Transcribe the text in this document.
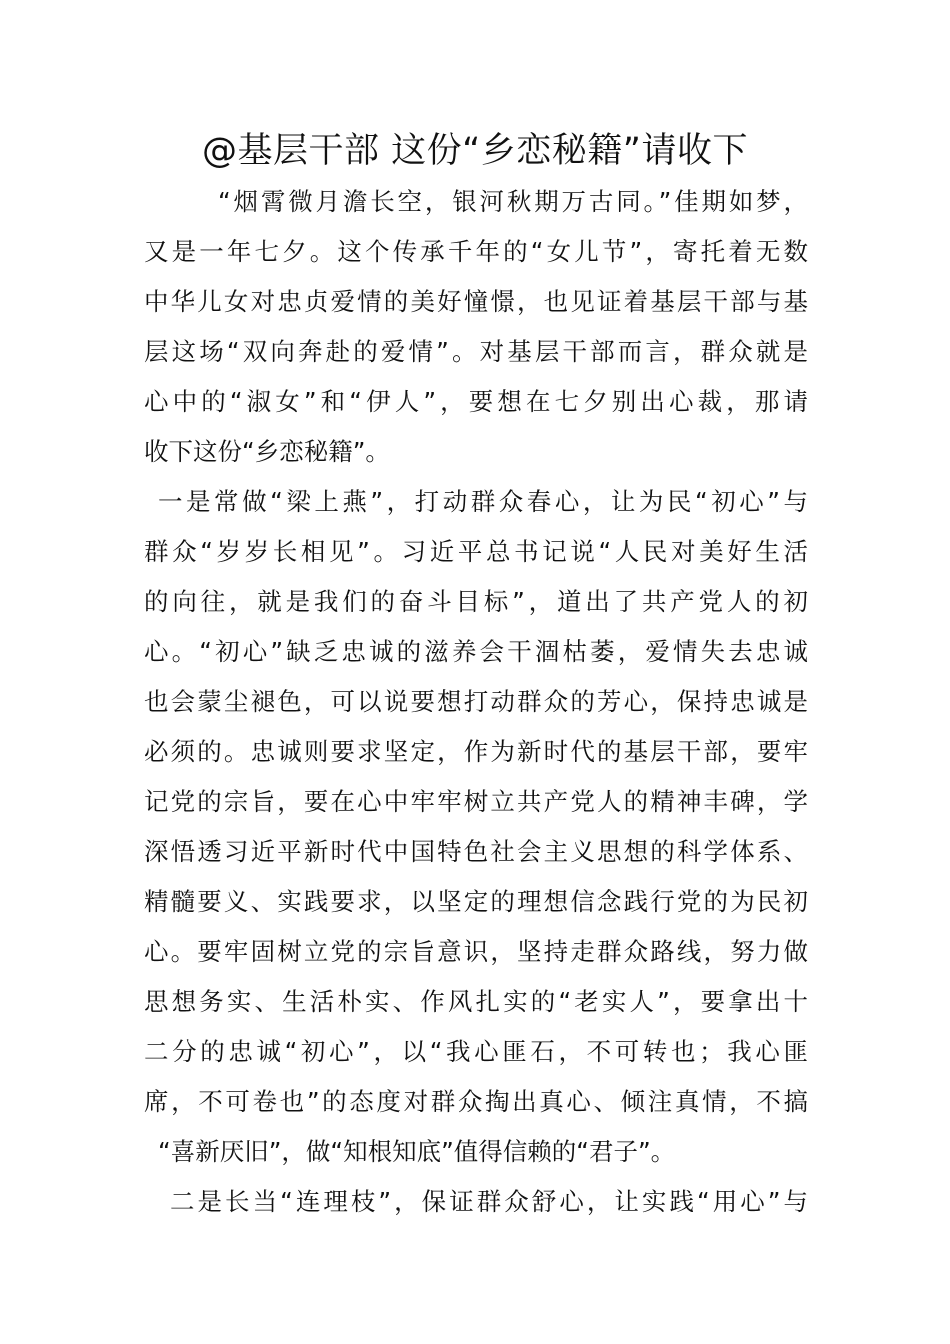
@基层干部 这份“乡恋秘籍”请收下

“烟霄微月澹长空，银河秋期万古同。”佳期如梦，
又是一年七夕。这个传承千年的“女儿节”，寄托着无数
中华儿女对忠贞爱情的美好憧憬，也见证着基层干部与基
层这场“双向奔赴的爱情”。对基层干部而言，群众就是
心中的“淑女”和“伊人”，要想在七夕别出心裁，那请
收下这份“乡恋秘籍”。

一是常做“梁上燕”，打动群众春心，让为民“初心”与
群众“岁岁长相见”。习近平总书记说“人民对美好生活
的向往，就是我们的奋斗目标”，道出了共产党人的初
心。“初心”缺乏忠诚的滋养会干涸枯萎，爱情失去忠诚
也会蒙尘褪色，可以说要想打动群众的芳心，保持忠诚是
必须的。忠诚则要求坚定，作为新时代的基层干部，要牢
记党的宗旨，要在心中牢牢树立共产党人的精神丰碑，学
深悟透习近平新时代中国特色社会主义思想的科学体系、
精髓要义、实践要求，以坚定的理想信念践行党的为民初
心。要牢固树立党的宗旨意识，坚持走群众路线，努力做
思想务实、生活朴实、作风扎实的“老实人”，要拿出十
二分的忠诚“初心”，以“我心匪石，不可转也；我心匪
席，不可卷也”的态度对群众掏出真心、倾注真情，不搞
“喜新厌旧”，做“知根知底”值得信赖的“君子”。

二是长当“连理枝”，保证群众舒心，让实践“用心”与
